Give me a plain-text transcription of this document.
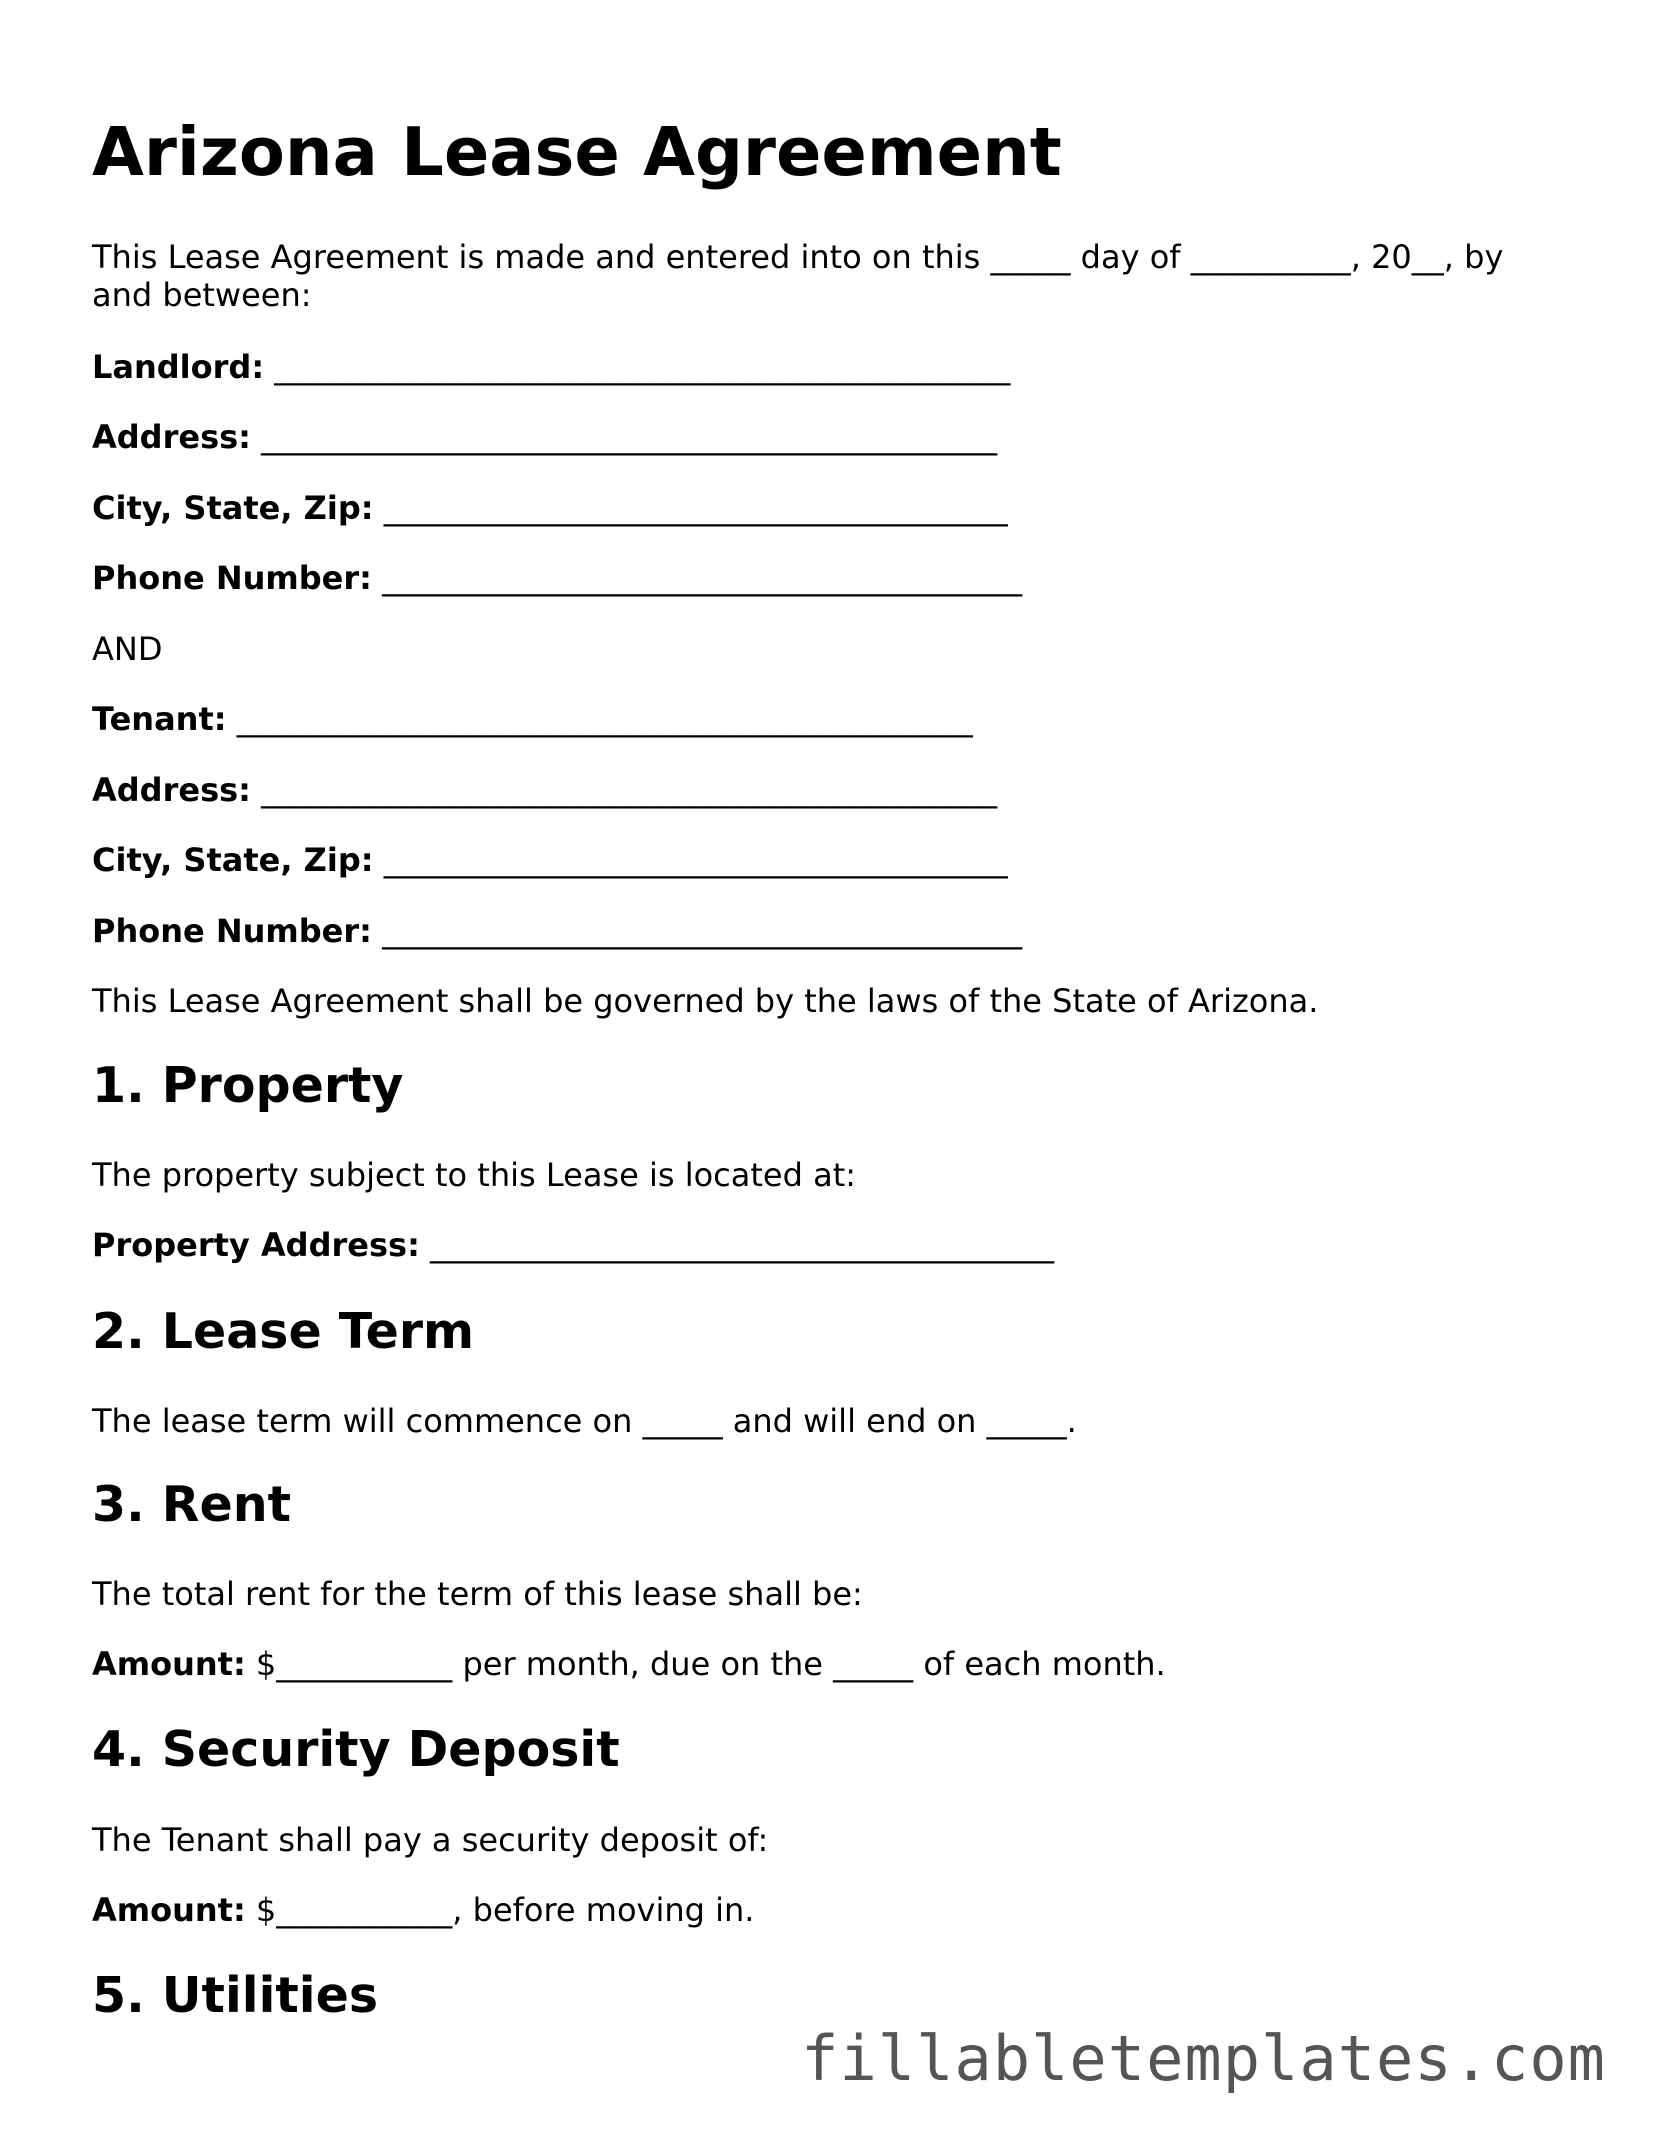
Arizona Lease Agreement

This Lease Agreement is made and entered into on this _____ day of __________, 20__, by and between:

Landlord: ______________________________________________

Address: ______________________________________________

City, State, Zip: _______________________________________

Phone Number: ________________________________________

AND

Tenant: ______________________________________________

Address: ______________________________________________

City, State, Zip: _______________________________________

Phone Number: ________________________________________

This Lease Agreement shall be governed by the laws of the State of Arizona.

1. Property

The property subject to this Lease is located at:

Property Address: _______________________________________

2. Lease Term

The lease term will commence on _____ and will end on _____.

3. Rent

The total rent for the term of this lease shall be:

Amount: $___________ per month, due on the _____ of each month.

4. Security Deposit

The Tenant shall pay a security deposit of:

Amount: $___________, before moving in.

5. Utilities
fillabletemplates.com
